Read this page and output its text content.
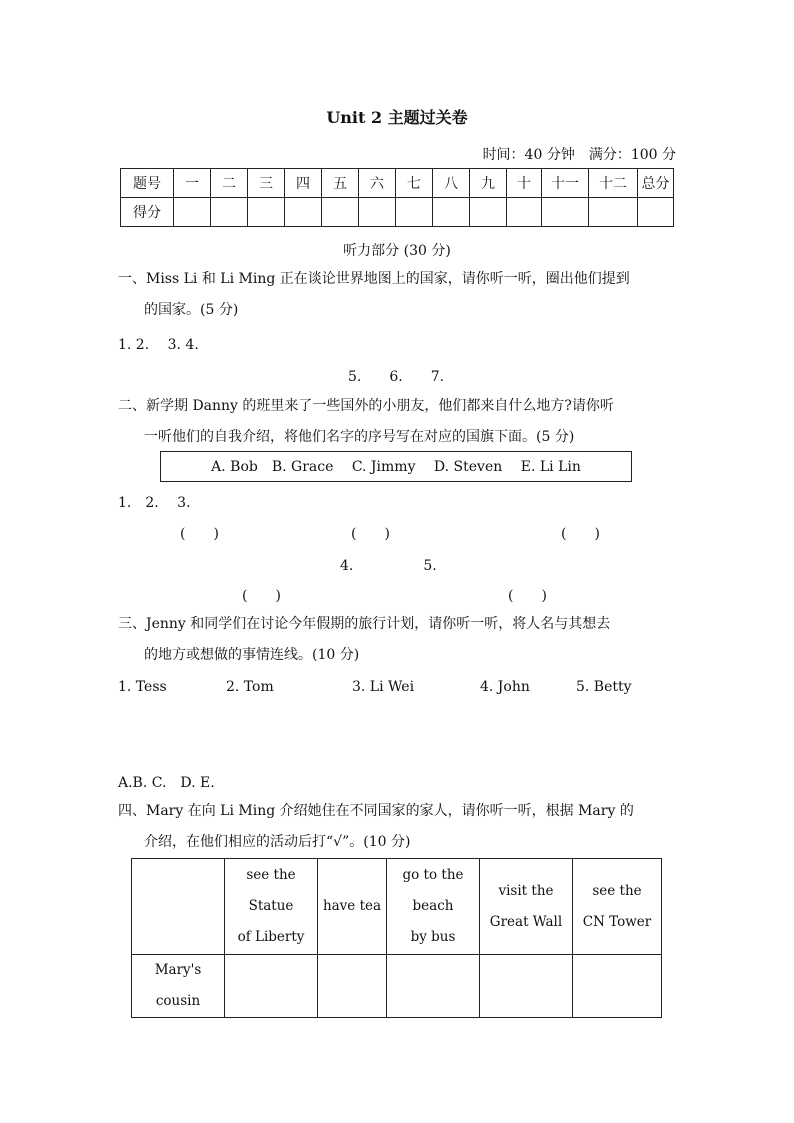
Unit 2 主题过关卷
时间：40 分钟　满分：100 分
题号	一	二	三	四	五	六	七	八	九	十	十一	十二	总分
得分													
听力部分 (30 分)
一、Miss Li 和 Li Ming 正在谈论世界地图上的国家，请你听一听，圈出他们提到
的国家。(5 分)
1. 2.　 3. 4.
5.　　6.　　7.
二、新学期 Danny 的班里来了一些国外的小朋友，他们都来自什么地方?请你听
一听他们的自我介绍，将他们名字的序号写在对应的国旗下面。(5 分)
A. Bob　B. Grace　 C. Jimmy　 D. Steven　 E. Li Lin
1.　2.　 3.
(　　)	(　　)	(　　)
4.　　　　　5.
(　　)	(　　)
三、Jenny 和同学们在讨论今年假期的旅行计划，请你听一听，将人名与其想去
的地方或想做的事情连线。(10 分)
1. Tess	2. Tom	3. Li Wei	4. John	5. Betty
A.B. C.　D. E.
四、Mary 在向 Li Ming 介绍她住在不同国家的家人，请你听一听，根据 Mary 的
介绍，在他们相应的活动后打“√”。(10 分)
	see the
Statue
of Liberty	have tea	go to the
beach
by bus	visit the
Great Wall	see the
CN Tower
Mary's
cousin					
